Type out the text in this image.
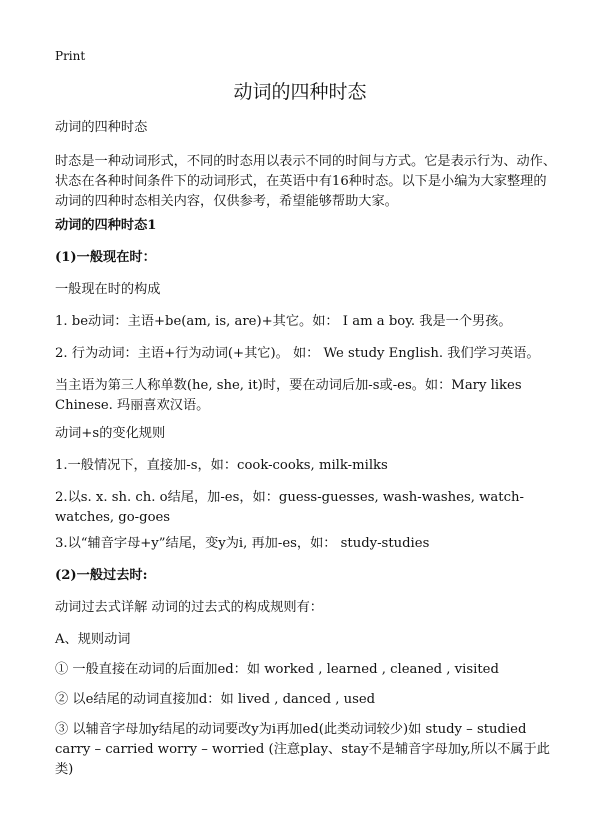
Print
动词的四种时态
动词的四种时态
时态是一种动词形式，不同的时态用以表示不同的时间与方式。它是表示行为、动作、状态在各种时间条件下的动词形式，在英语中有16种时态。以下是小编为大家整理的动词的四种时态相关内容，仅供参考，希望能够帮助大家。
动词的四种时态1
(1)一般现在时：
一般现在时的构成
1. be动词：主语+be(am, is, are)+其它。如： I am a boy. 我是一个男孩。
2. 行为动词：主语+行为动词(+其它)。 如： We study English. 我们学习英语。
当主语为第三人称单数(he, she, it)时，要在动词后加-s或-es。如：Mary likes Chinese. 玛丽喜欢汉语。
动词+s的变化规则
1.一般情况下，直接加-s，如：cook-cooks, milk-milks
2.以s. x. sh. ch. o结尾，加-es，如：guess-guesses, wash-washes, watch-watches, go-goes
3.以“辅音字母+y”结尾，变y为i, 再加-es，如： study-studies
(2)一般过去时:
动词过去式详解 动词的过去式的构成规则有：
A、规则动词
① 一般直接在动词的后面加ed：如 worked , learned , cleaned , visited
② 以e结尾的动词直接加d：如 lived , danced , used
③ 以辅音字母加y结尾的动词要改y为i再加ed(此类动词较少)如 study – studied carry – carried worry – worried (注意play、stay不是辅音字母加y,所以不属于此类)
